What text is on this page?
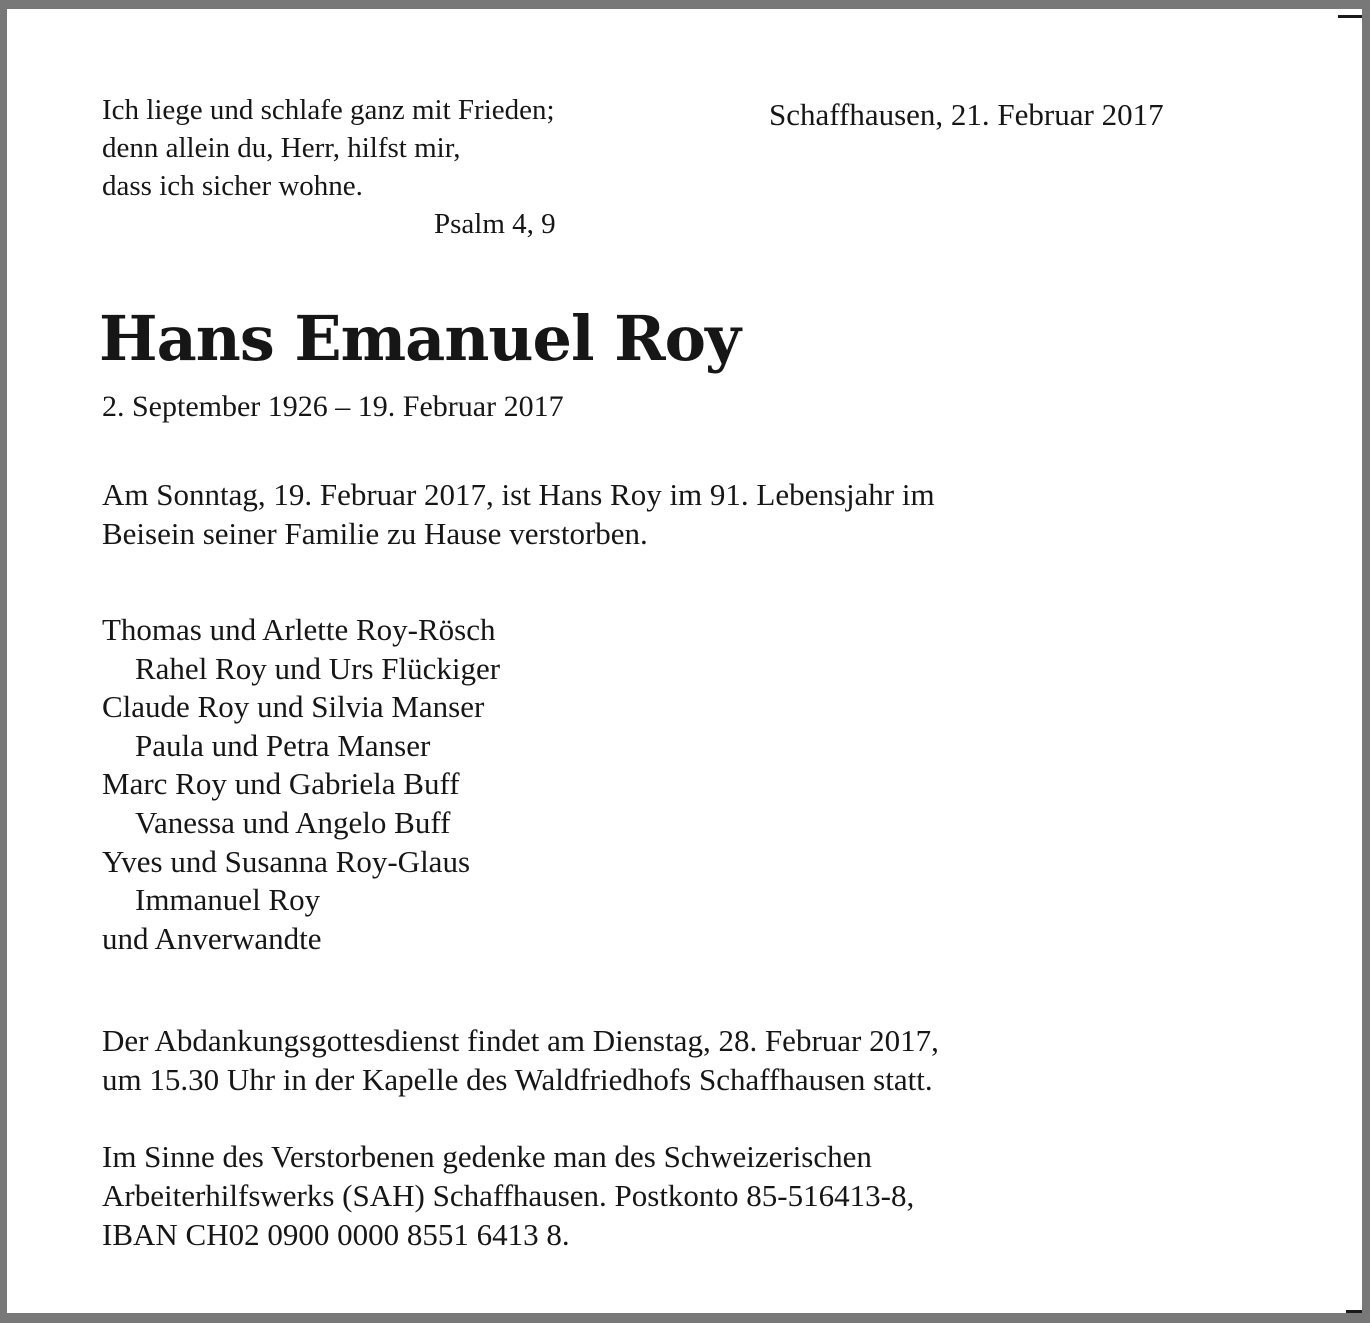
Ich liege und schlafe ganz mit Frieden;
denn allein du, Herr, hilfst mir,
dass ich sicher wohne.
Psalm 4, 9
Schaffhausen, 21. Februar 2017
Hans Emanuel Roy
2. September 1926 – 19. Februar 2017
Am Sonntag, 19. Februar 2017, ist Hans Roy im 91. Lebensjahr im
Beisein seiner Familie zu Hause verstorben.
Thomas und Arlette Roy-Rösch
Rahel Roy und Urs Flückiger
Claude Roy und Silvia Manser
Paula und Petra Manser
Marc Roy und Gabriela Buff
Vanessa und Angelo Buff
Yves und Susanna Roy-Glaus
Immanuel Roy
und Anverwandte
Der Abdankungsgottesdienst findet am Dienstag, 28. Februar 2017,
um 15.30 Uhr in der Kapelle des Waldfriedhofs Schaffhausen statt.
Im Sinne des Verstorbenen gedenke man des Schweizerischen
Arbeiterhilfswerks (SAH) Schaffhausen. Postkonto 85-516413-8,
IBAN CH02 0900 0000 8551 6413 8.
